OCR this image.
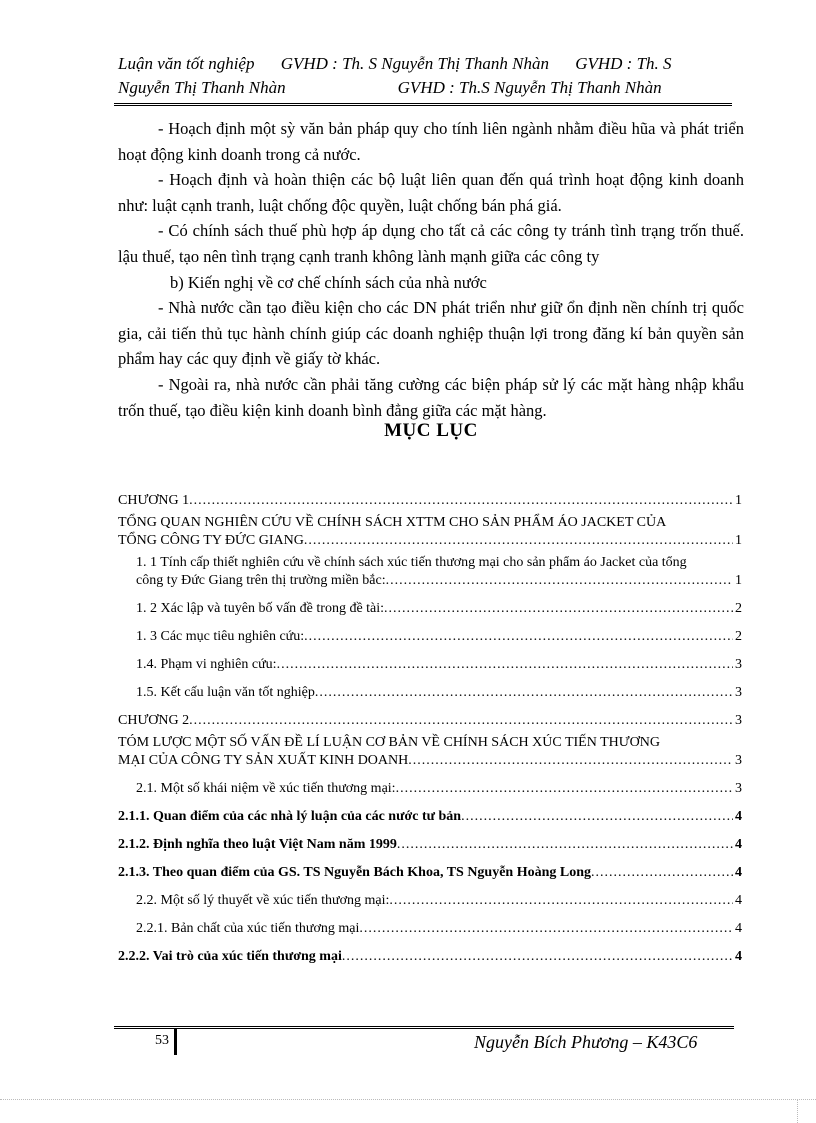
Luận văn tốt nghiệp GVHD : Th. S Nguyễn Thị Thanh Nhàn GVHD : Th. S
Nguyễn Thị Thanh Nhàn	GVHD : Th.S Nguyễn Thị Thanh Nhàn

- Hoạch định một sỳ văn bản pháp quy cho tính liên ngành nhằm điều hũa và phát triển hoạt động kinh doanh trong cả nước.

- Hoạch định và hoàn thiện các bộ luật liên quan đến quá trình hoạt động kinh doanh như: luật cạnh tranh, luật chống độc quyền, luật chống bán phá giá.

- Có chính sách thuế phù hợp áp dụng cho tất cả các công ty tránh tình trạng trốn thuế. lậu thuế, tạo nên tình trạng cạnh tranh không lành mạnh giữa các công ty

b) Kiến nghị về cơ chế chính sách của nhà nước

- Nhà nước cần tạo điều kiện cho các DN phát triển như giữ ổn định nền chính trị quốc gia, cải tiến thủ tục hành chính giúp các doanh nghiệp thuận lợi trong đăng kí bản quyền sản phẩm hay các quy định về giấy tờ khác.

- Ngoài ra, nhà nước cần phải tăng cường các biện pháp sử lý các mặt hàng nhập khẩu trốn thuế, tạo điều kiện kinh doanh bình đẳng giữa các mặt hàng.

MỤC LỤC
CHƯƠNG 1 .....	1
TỔNG QUAN NGHIÊN CỨU VỀ CHÍNH SÁCH XTTM CHO SẢN PHẨM ÁO JACKET CỦA
TỔNG CÔNG TY ĐỨC GIANG .....	1
1. 1 Tính cấp thiết nghiên cứu về chính sách xúc tiến thương mại cho sản phẩm áo Jacket của tổng
công ty Đức Giang trên thị trường miền bắc: .....	1
1. 2 Xác lập và tuyên bố vấn đề trong đề tài: .....	2
1. 3 Các mục tiêu nghiên cứu: .....	2
1.4. Phạm vi nghiên cứu: .....	3
1.5. Kết cấu luận văn tốt nghiệp .....	3
CHƯƠNG 2 .....	3
TÓM LƯỢC MỘT SỐ VẤN ĐỀ LÍ LUẬN CƠ BẢN VỀ CHÍNH SÁCH XÚC TIẾN THƯƠNG
MẠI CỦA CÔNG TY SẢN XUẤT KINH DOANH .....	3
2.1. Một số khái niệm về xúc tiến thương mại: .....	3
2.1.1. Quan điểm của các nhà lý luận của các nước tư bản .....	4
2.1.2. Định nghĩa theo luật Việt Nam năm 1999 .....	4
2.1.3. Theo quan điểm của GS. TS Nguyễn Bách Khoa, TS Nguyễn Hoàng Long .....	4
2.2. Một số lý thuyết về xúc tiến thương mại: .....	4
2.2.1. Bản chất của xúc tiến thương mại .....	4
2.2.2. Vai trò của xúc tiến thương mại .....	4
53	Nguyễn Bích Phương – K43C6
